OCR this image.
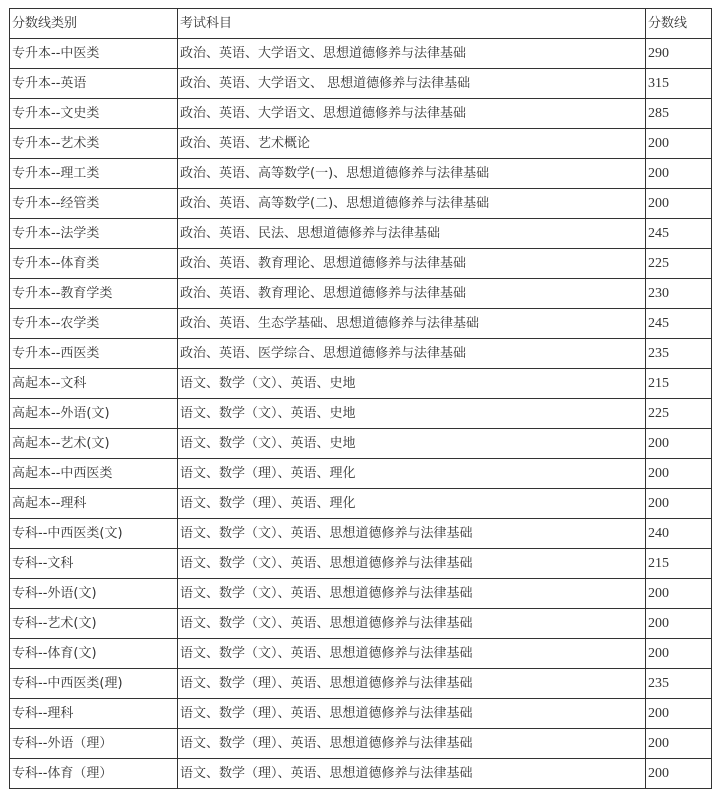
分数线类别	考试科目	分数线
专升本--中医类	政治、英语、大学语文、思想道德修养与法律基础	290
专升本--英语	政治、英语、大学语文、 思想道德修养与法律基础	315
专升本--文史类	政治、英语、大学语文、思想道德修养与法律基础	285
专升本--艺术类	政治、英语、艺术概论	200
专升本--理工类	政治、英语、高等数学(一)、思想道德修养与法律基础	200
专升本--经管类	政治、英语、高等数学(二)、思想道德修养与法律基础	200
专升本--法学类	政治、英语、民法、思想道德修养与法律基础	245
专升本--体育类	政治、英语、教育理论、思想道德修养与法律基础	225
专升本--教育学类	政治、英语、教育理论、思想道德修养与法律基础	230
专升本--农学类	政治、英语、生态学基础、思想道德修养与法律基础	245
专升本--西医类	政治、英语、医学综合、思想道德修养与法律基础	235
高起本--文科	语文、数学（文）、英语、史地	215
高起本--外语(文)	语文、数学（文）、英语、史地	225
高起本--艺术(文)	语文、数学（文）、英语、史地	200
高起本--中西医类	语文、数学（理）、英语、理化	200
高起本--理科	语文、数学（理）、英语、理化	200
专科--中西医类(文)	语文、数学（文）、英语、思想道德修养与法律基础	240
专科--文科	语文、数学（文）、英语、思想道德修养与法律基础	215
专科--外语(文)	语文、数学（文）、英语、思想道德修养与法律基础	200
专科--艺术(文)	语文、数学（文）、英语、思想道德修养与法律基础	200
专科--体育(文)	语文、数学（文）、英语、思想道德修养与法律基础	200
专科--中西医类(理)	语文、数学（理）、英语、思想道德修养与法律基础	235
专科--理科	语文、数学（理）、英语、思想道德修养与法律基础	200
专科--外语（理）	语文、数学（理）、英语、思想道德修养与法律基础	200
专科--体育（理）	语文、数学（理）、英语、思想道德修养与法律基础	200
